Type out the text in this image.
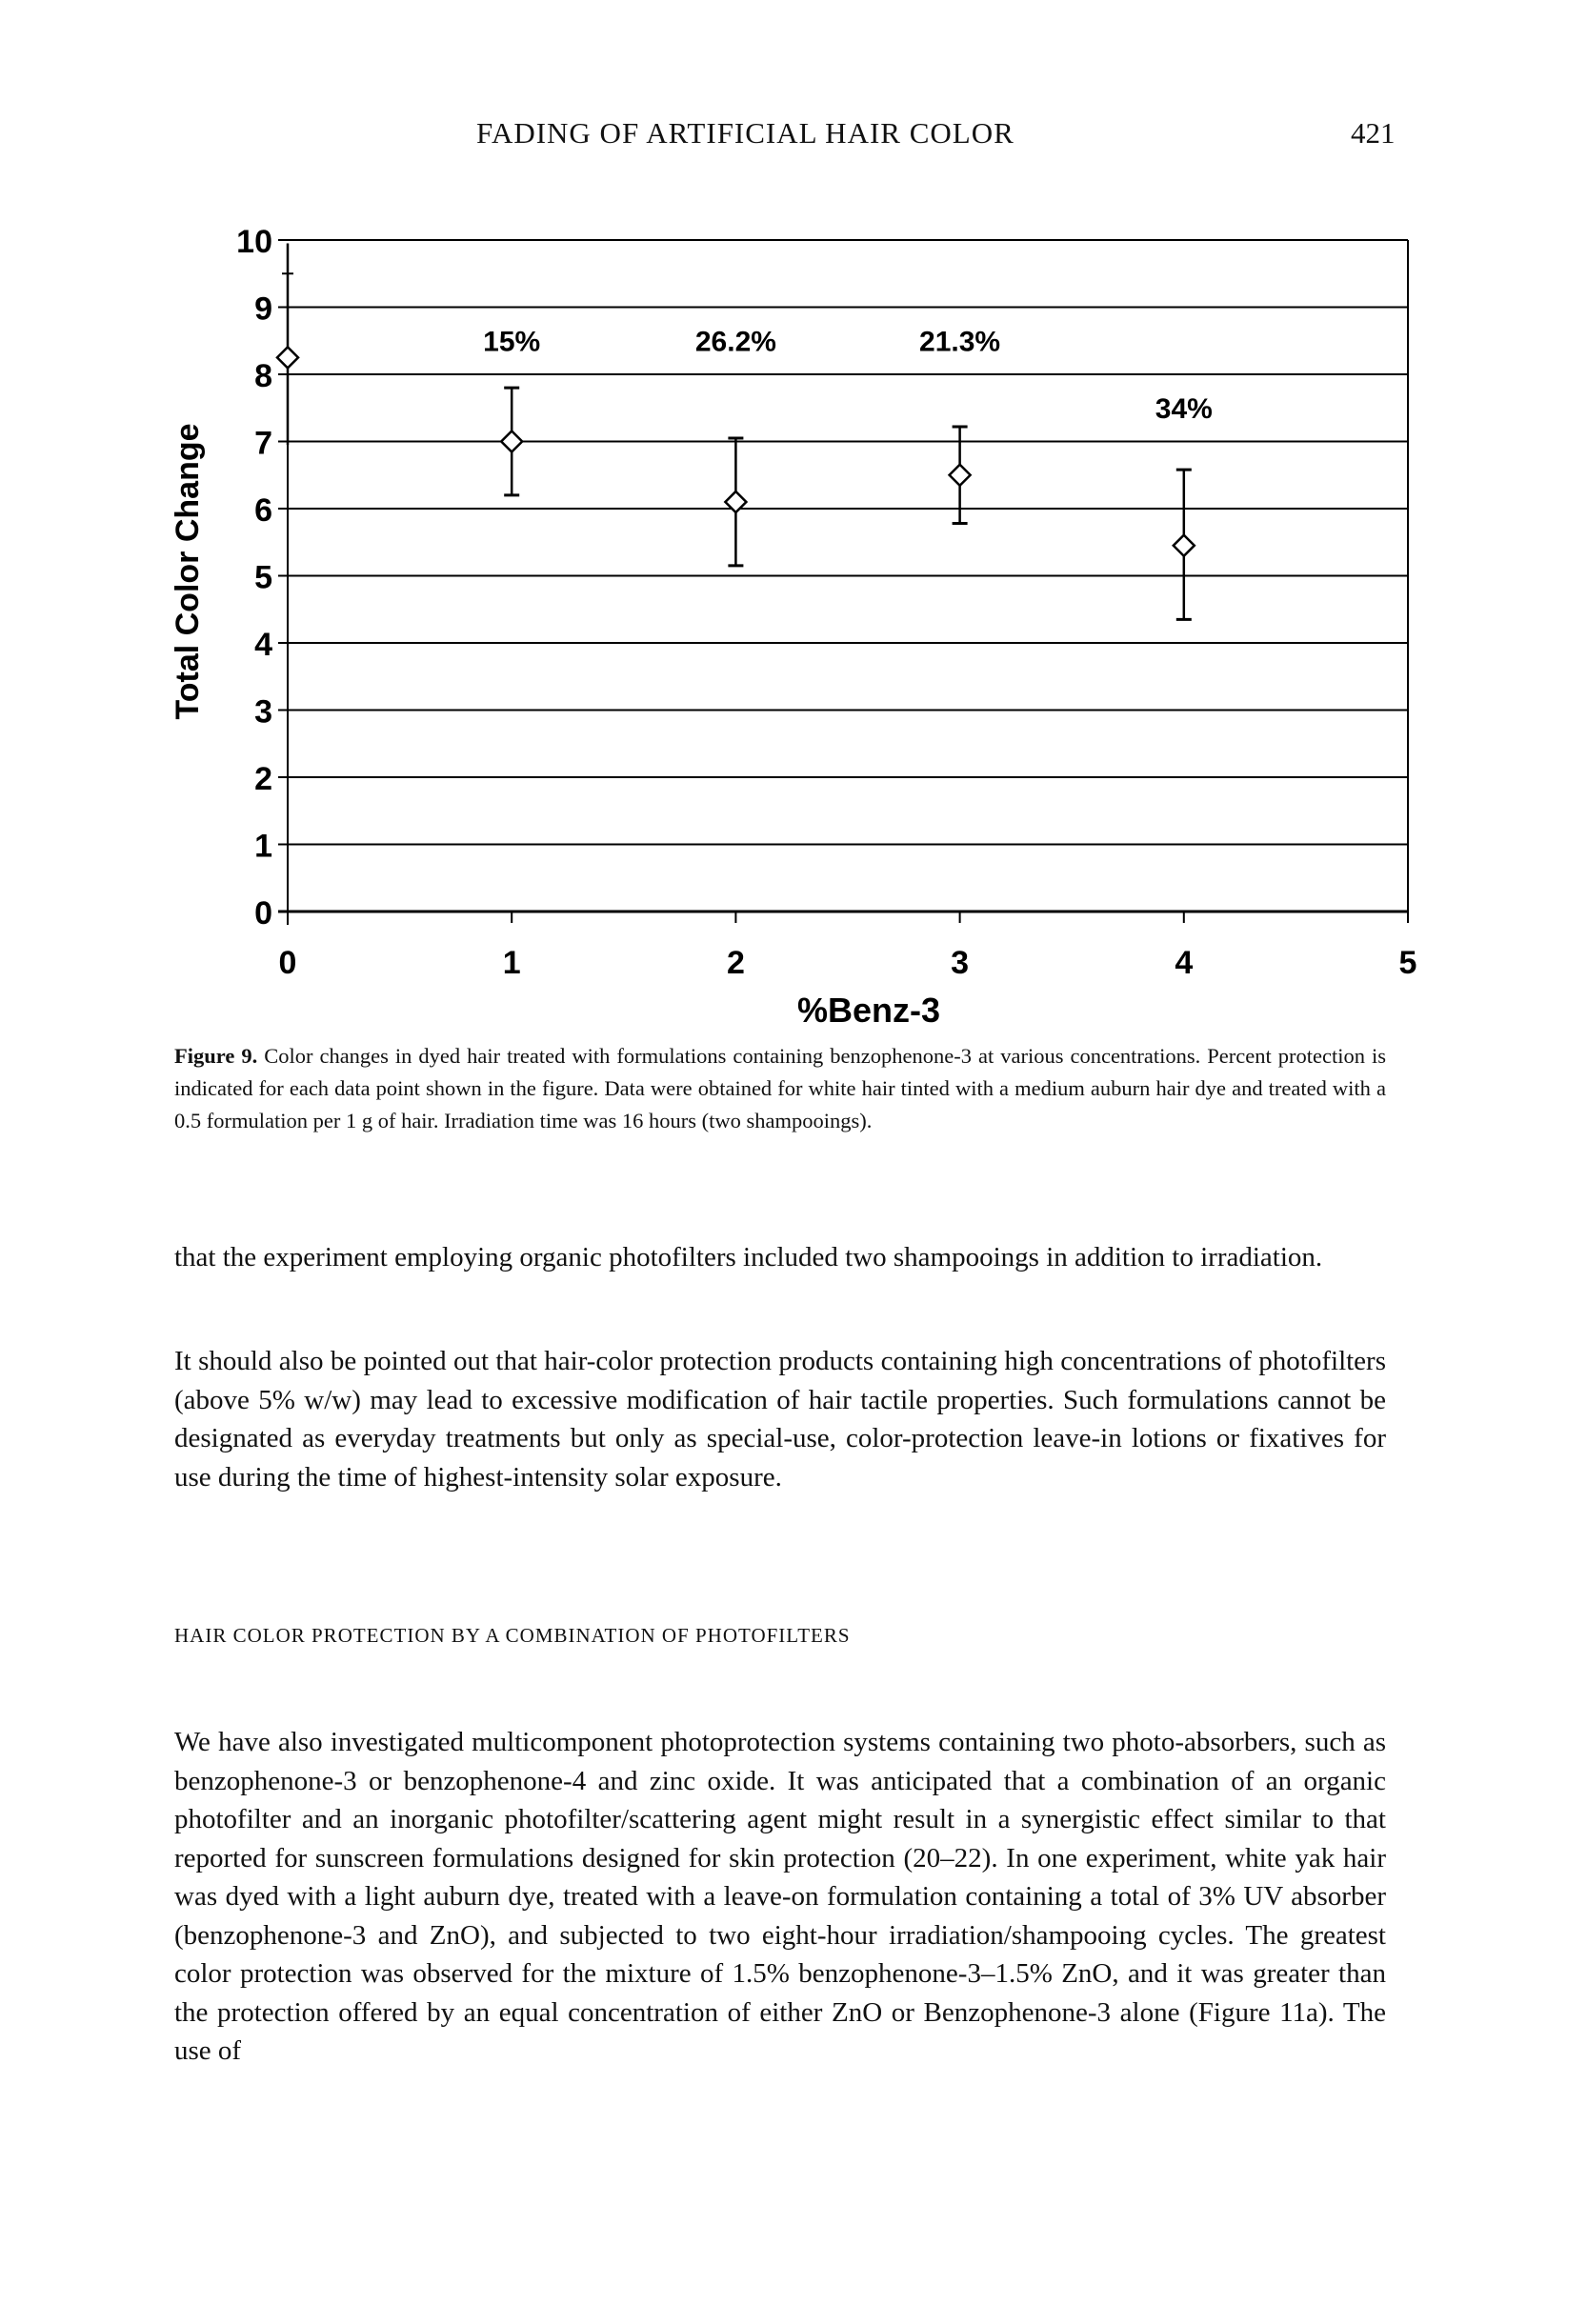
FADING OF ARTIFICIAL HAIR COLOR	421
0
1
2
3
4
5
6
7
8
9
10
0	1	2	3	4	5
%Benz-3
Total Color Change
15%	26.2%	21.3%
34%
Figure 9. Color changes in dyed hair treated with formulations containing benzophenone-3 at various concentrations. Percent protection is indicated for each data point shown in the figure. Data were obtained for white hair tinted with a medium auburn hair dye and treated with a 0.5 formulation per 1 g of hair. Irradiation time was 16 hours (two shampooings).

that the experiment employing organic photofilters included two shampooings in addition to irradiation.

It should also be pointed out that hair-color protection products containing high concentrations of photofilters (above 5% w/w) may lead to excessive modification of hair tactile properties. Such formulations cannot be designated as everyday treatments but only as special-use, color-protection leave-in lotions or fixatives for use during the time of highest-intensity solar exposure.

HAIR COLOR PROTECTION BY A COMBINATION OF PHOTOFILTERS

We have also investigated multicomponent photoprotection systems containing two photo-absorbers, such as benzophenone-3 or benzophenone-4 and zinc oxide. It was anticipated that a combination of an organic photofilter and an inorganic photofilter/scattering agent might result in a synergistic effect similar to that reported for sunscreen formulations designed for skin protection (20–22). In one experiment, white yak hair was dyed with a light auburn dye, treated with a leave-on formulation containing a total of 3% UV absorber (benzophenone-3 and ZnO), and subjected to two eight-hour irradiation/shampooing cycles. The greatest color protection was observed for the mixture of 1.5% benzophenone-3–1.5% ZnO, and it was greater than the protection offered by an equal concentration of either ZnO or Benzophenone-3 alone (Figure 11a). The use of
